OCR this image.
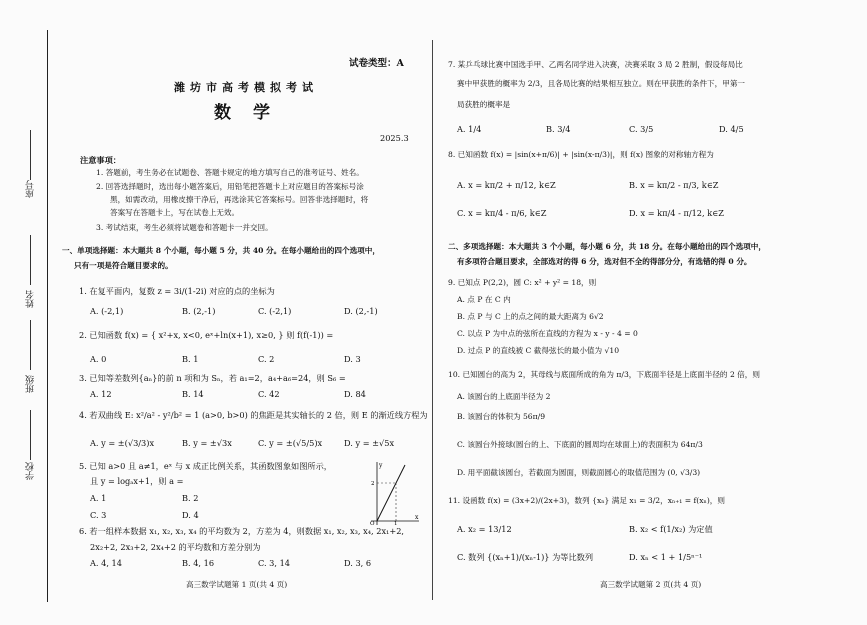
座号
姓名
班级
学校
试卷类型：A
潍坊市高考模拟考试
数学
2025.3
注意事项：
1. 答题前，考生务必在试题卷、答题卡规定的地方填写自己的准考证号、姓名。
2. 回答选择题时，选出每小题答案后，用铅笔把答题卡上对应题目的答案标号涂
黑，如需改动，用橡皮擦干净后，再选涂其它答案标号。回答非选择题时，将
答案写在答题卡上，写在试卷上无效。
3. 考试结束，考生必须将试题卷和答题卡一并交回。
一、单项选择题：本大题共 8 个小题，每小题 5 分，共 40 分。在每小题给出的四个选项中，
只有一项是符合题目要求的。
1. 在复平面内，复数 z = 3i/(1-2i) 对应的点的坐标为
A. (-2,1)	B. (2,-1)	C. (-2,1)	D. (2,-1)
2. 已知函数 f(x) = { x²+x, x<0, eˣ+ln(x+1), x≥0, } 则 f(f(-1)) =
A. 0	B. 1	C. 2	D. 3
3. 已知等差数列{aₙ}的前 n 项和为 Sₙ，若 a₁=2，a₄+a₆=24，则 S₆ =
A. 12	B. 14	C. 42	D. 84
4. 若双曲线 E: x²/a² - y²/b² = 1 (a>0, b>0) 的焦距是其实轴长的 2 倍，则 E 的渐近线方程为
A. y = ±(√3/3)x	B. y = ±√3x	C. y = ±(√5/5)x	D. y = ±√5x
5. 已知 a>0 且 a≠1，eˣ 与 x 成正比例关系，其函数图象如图所示，
且 y = logₐx+1，则 a =
A. 1	B. 2
C. 3	D. 4
y
x
O
2
1
6. 若一组样本数据 x₁, x₂, x₃, x₄ 的平均数为 2，方差为 4，则数据 x₁, x₂, x₃, x₄, 2x₁+2,
2x₂+2, 2x₃+2, 2x₄+2 的平均数和方差分别为
A. 4, 14	B. 4, 16	C. 3, 14	D. 3, 6
高三数学试题第 1 页(共 4 页)
7. 某乒乓球比赛中国选手甲、乙两名同学进入决赛，决赛采取 3 局 2 胜制，假设每局比
赛中甲获胜的概率为 2/3，且各局比赛的结果相互独立。则在甲获胜的条件下，甲第一
局获胜的概率是
A. 1/4	B. 3/4	C. 3/5	D. 4/5
8. 已知函数 f(x) = |sin(x+π/6)| + |sin(x-π/3)|，则 f(x) 图象的对称轴方程为
A. x = kπ/2 + π/12, k∈Z	B. x = kπ/2 - π/3, k∈Z
C. x = kπ/4 - π/6, k∈Z	D. x = kπ/4 - π/12, k∈Z
二、多项选择题：本大题共 3 个小题，每小题 6 分，共 18 分。在每小题给出的四个选项中，
有多项符合题目要求，全部选对的得 6 分，选对但不全的得部分分，有选错的得 0 分。
9. 已知点 P(2,2)，圆 C: x² + y² = 18，则
A. 点 P 在 C 内
B. 点 P 与 C 上的点之间的最大距离为 6√2
C. 以点 P 为中点的弦所在直线的方程为 x - y - 4 = 0
D. 过点 P 的直线被 C 截得弦长的最小值为 √10
10. 已知圆台的高为 2，其母线与底面所成的角为 π/3，下底面半径是上底面半径的 2 倍，则
A. 该圆台的上底面半径为 2
B. 该圆台的体积为 56π/9
C. 该圆台外接球(圆台的上、下底面的圆周均在球面上)的表面积为 64π/3
D. 用平面截该圆台，若截面为圆面，则截面圆心的取值范围为 (0, √3/3)
11. 设函数 f(x) = (3x+2)/(2x+3)，数列 {xₙ} 满足 x₁ = 3/2，xₙ₊₁ = f(xₙ)，则
A. x₂ = 13/12	B. x₂ < f(1/x₂) 为定值
C. 数列 {(xₙ+1)/(xₙ-1)} 为等比数列	D. xₙ < 1 + 1/5ⁿ⁻¹
高三数学试题第 2 页(共 4 页)
